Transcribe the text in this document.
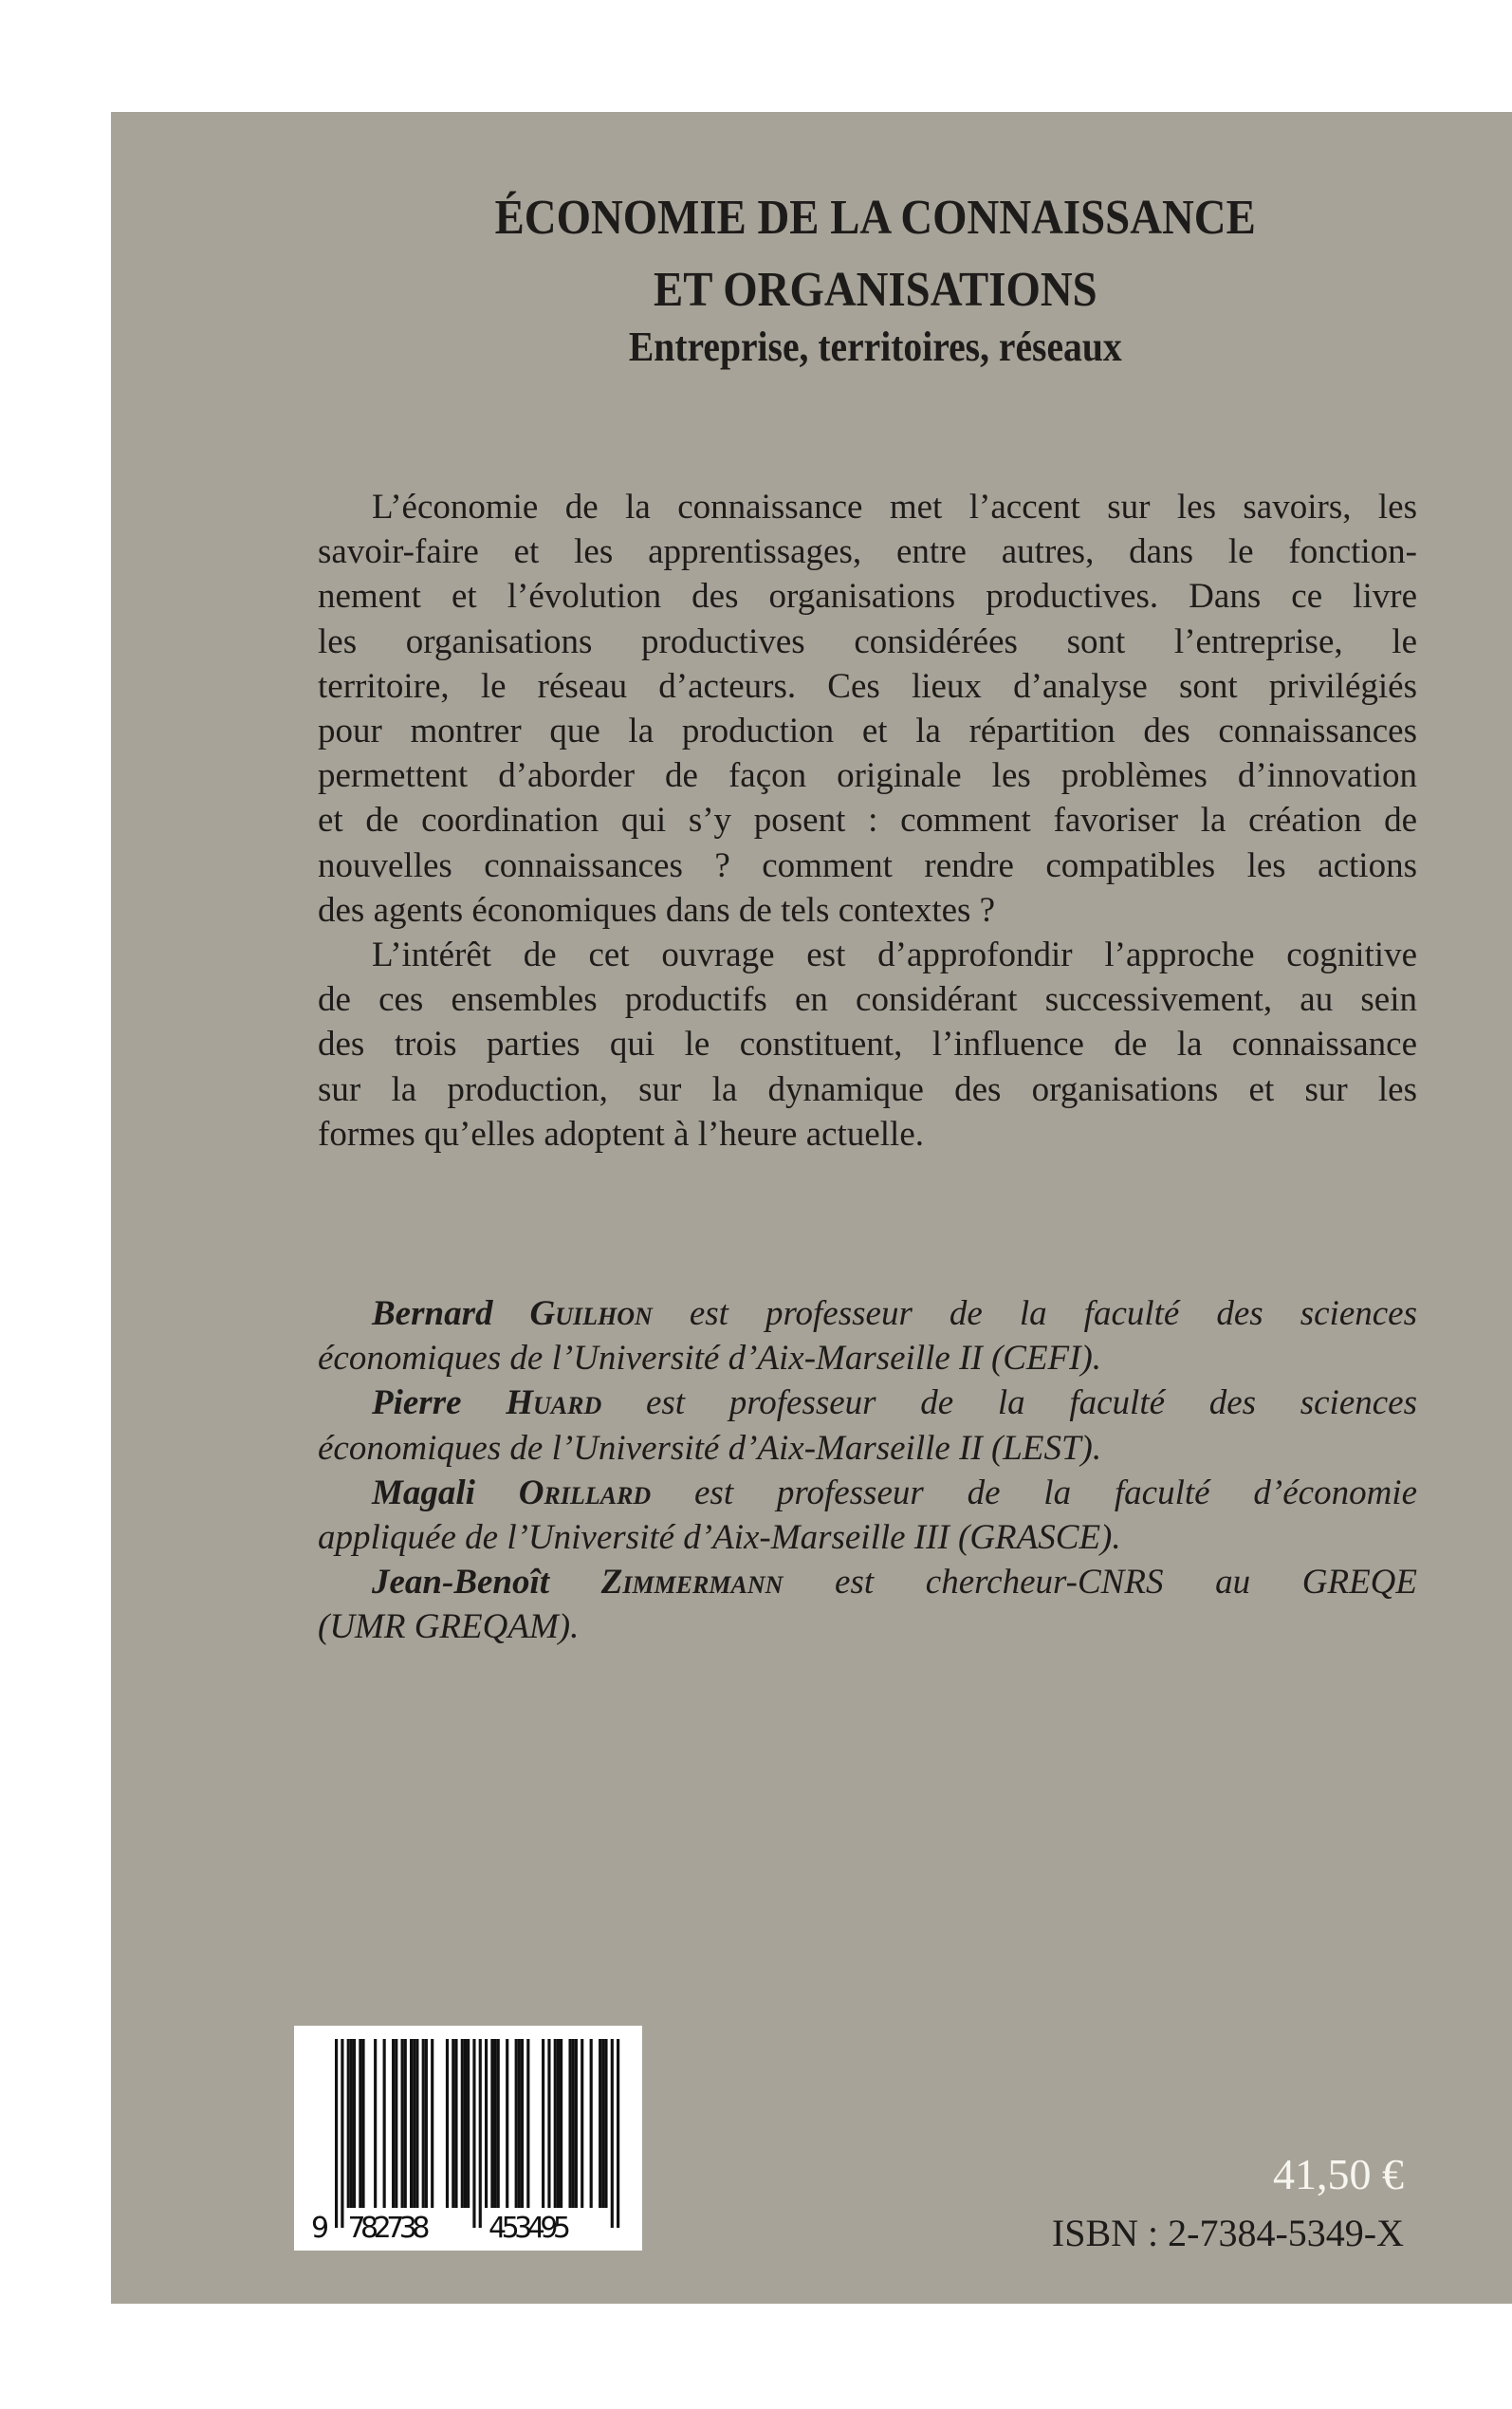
ÉCONOMIE DE LA CONNAISSANCE
ET ORGANISATIONS
Entreprise, territoires, réseaux
L’économie de la connaissance met l’accent sur les savoirs, les
savoir-faire et les apprentissages, entre autres, dans le fonction-
nement et l’évolution des organisations productives. Dans ce livre
les organisations productives considérées sont l’entreprise, le
territoire, le réseau d’acteurs. Ces lieux d’analyse sont privilégiés
pour montrer que la production et la répartition des connaissances
permettent d’aborder de façon originale les problèmes d’innovation
et de coordination qui s’y posent : comment favoriser la création de
nouvelles connaissances ? comment rendre compatibles les actions
des agents économiques dans de tels contextes ?
L’intérêt de cet ouvrage est d’approfondir l’approche cognitive
de ces ensembles productifs en considérant successivement, au sein
des trois parties qui le constituent, l’influence de la connaissance
sur la production, sur la dynamique des organisations et sur les
formes qu’elles adoptent à l’heure actuelle.
Bernard Guilhon est professeur de la faculté des sciences
économiques de l’Université d’Aix-Marseille II (CEFI).
Pierre Huard est professeur de la faculté des sciences
économiques de l’Université d’Aix-Marseille II (LEST).
Magali Orillard est professeur de la faculté d’économie
appliquée de l’Université d’Aix-Marseille III (GRASCE).
Jean-Benoît Zimmermann est chercheur-CNRS au GREQE
(UMR GREQAM).
9 782738 453495
41,50 €
ISBN : 2-7384-5349-X
